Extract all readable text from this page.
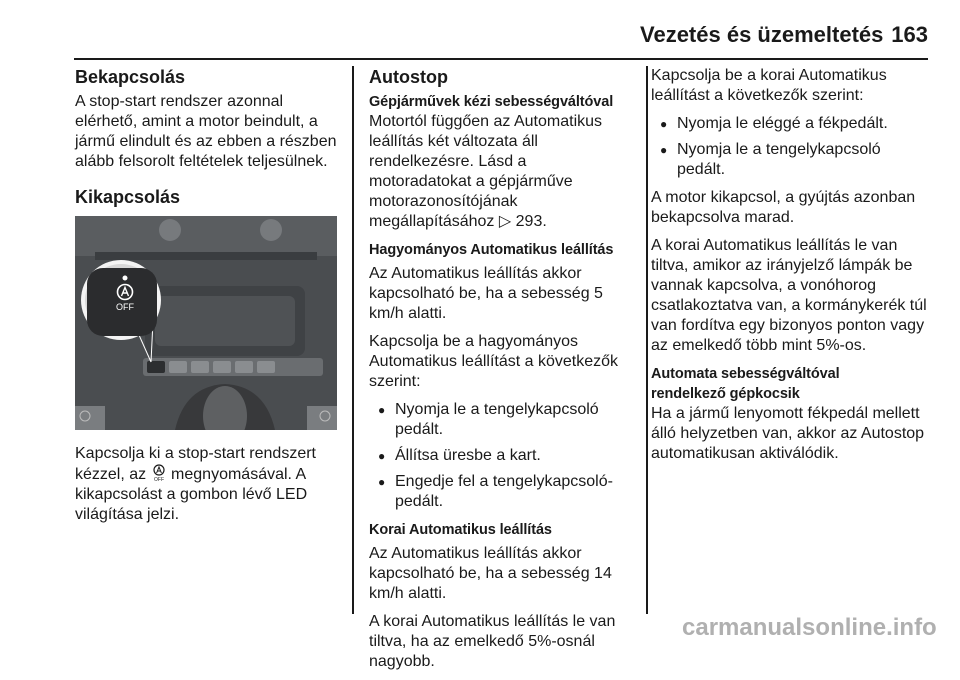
Vezetés és üzemeltetés 163
Bekapcsolás

A stop-start rendszer azonnal elérhető, amint a motor beindult, a jármű elindult és az ebben a részben alább felsorolt feltételek teljesülnek.

Kikapcsolás
OFF

Kapcsolja ki a stop-start rendszert kézzel, az OFF megnyomásával. A kikapcsolást a gombon lévő LED világítása jelzi.

Autostop
Gépjárművek kézi sebességváltóval

Motortól függően az Automatikus leállítás két változata áll rendelkezésre. Lásd a motoradatokat a gépjárműve motorazonosítójának megállapításához ▷ 293.

Hagyományos Automatikus leállítás

Az Automatikus leállítás akkor kapcsolható be, ha a sebesség 5 km/h alatti.

Kapcsolja be a hagyományos Automatikus leállítást a következők szerint:

● Nyomja le a tengelykapcsoló pedált.
● Állítsa üresbe a kart.
● Engedje fel a tengelykapcsoló-pedált.
Korai Automatikus leállítás

Az Automatikus leállítás akkor kapcsolható be, ha a sebesség 14 km/h alatti.

A korai Automatikus leállítás le van tiltva, ha az emelkedő 5%-osnál nagyobb.

Kapcsolja be a korai Automatikus leállítást a következők szerint:

● Nyomja le eléggé a fékpedált.
● Nyomja le a tengelykapcsoló pedált.

A motor kikapcsol, a gyújtás azonban bekapcsolva marad.

A korai Automatikus leállítás le van tiltva, amikor az irányjelző lámpák be vannak kapcsolva, a vonóhorog csatlakoztatva van, a kormánykerék túl van fordítva egy bizonyos ponton vagy az emelkedő több mint 5%-os.

Automata sebességváltóval
rendelkező gépkocsik

Ha a jármű lenyomott fékpedál mellett álló helyzetben van, akkor az Autostop automatikusan aktiválódik.

carmanualsonline.info
